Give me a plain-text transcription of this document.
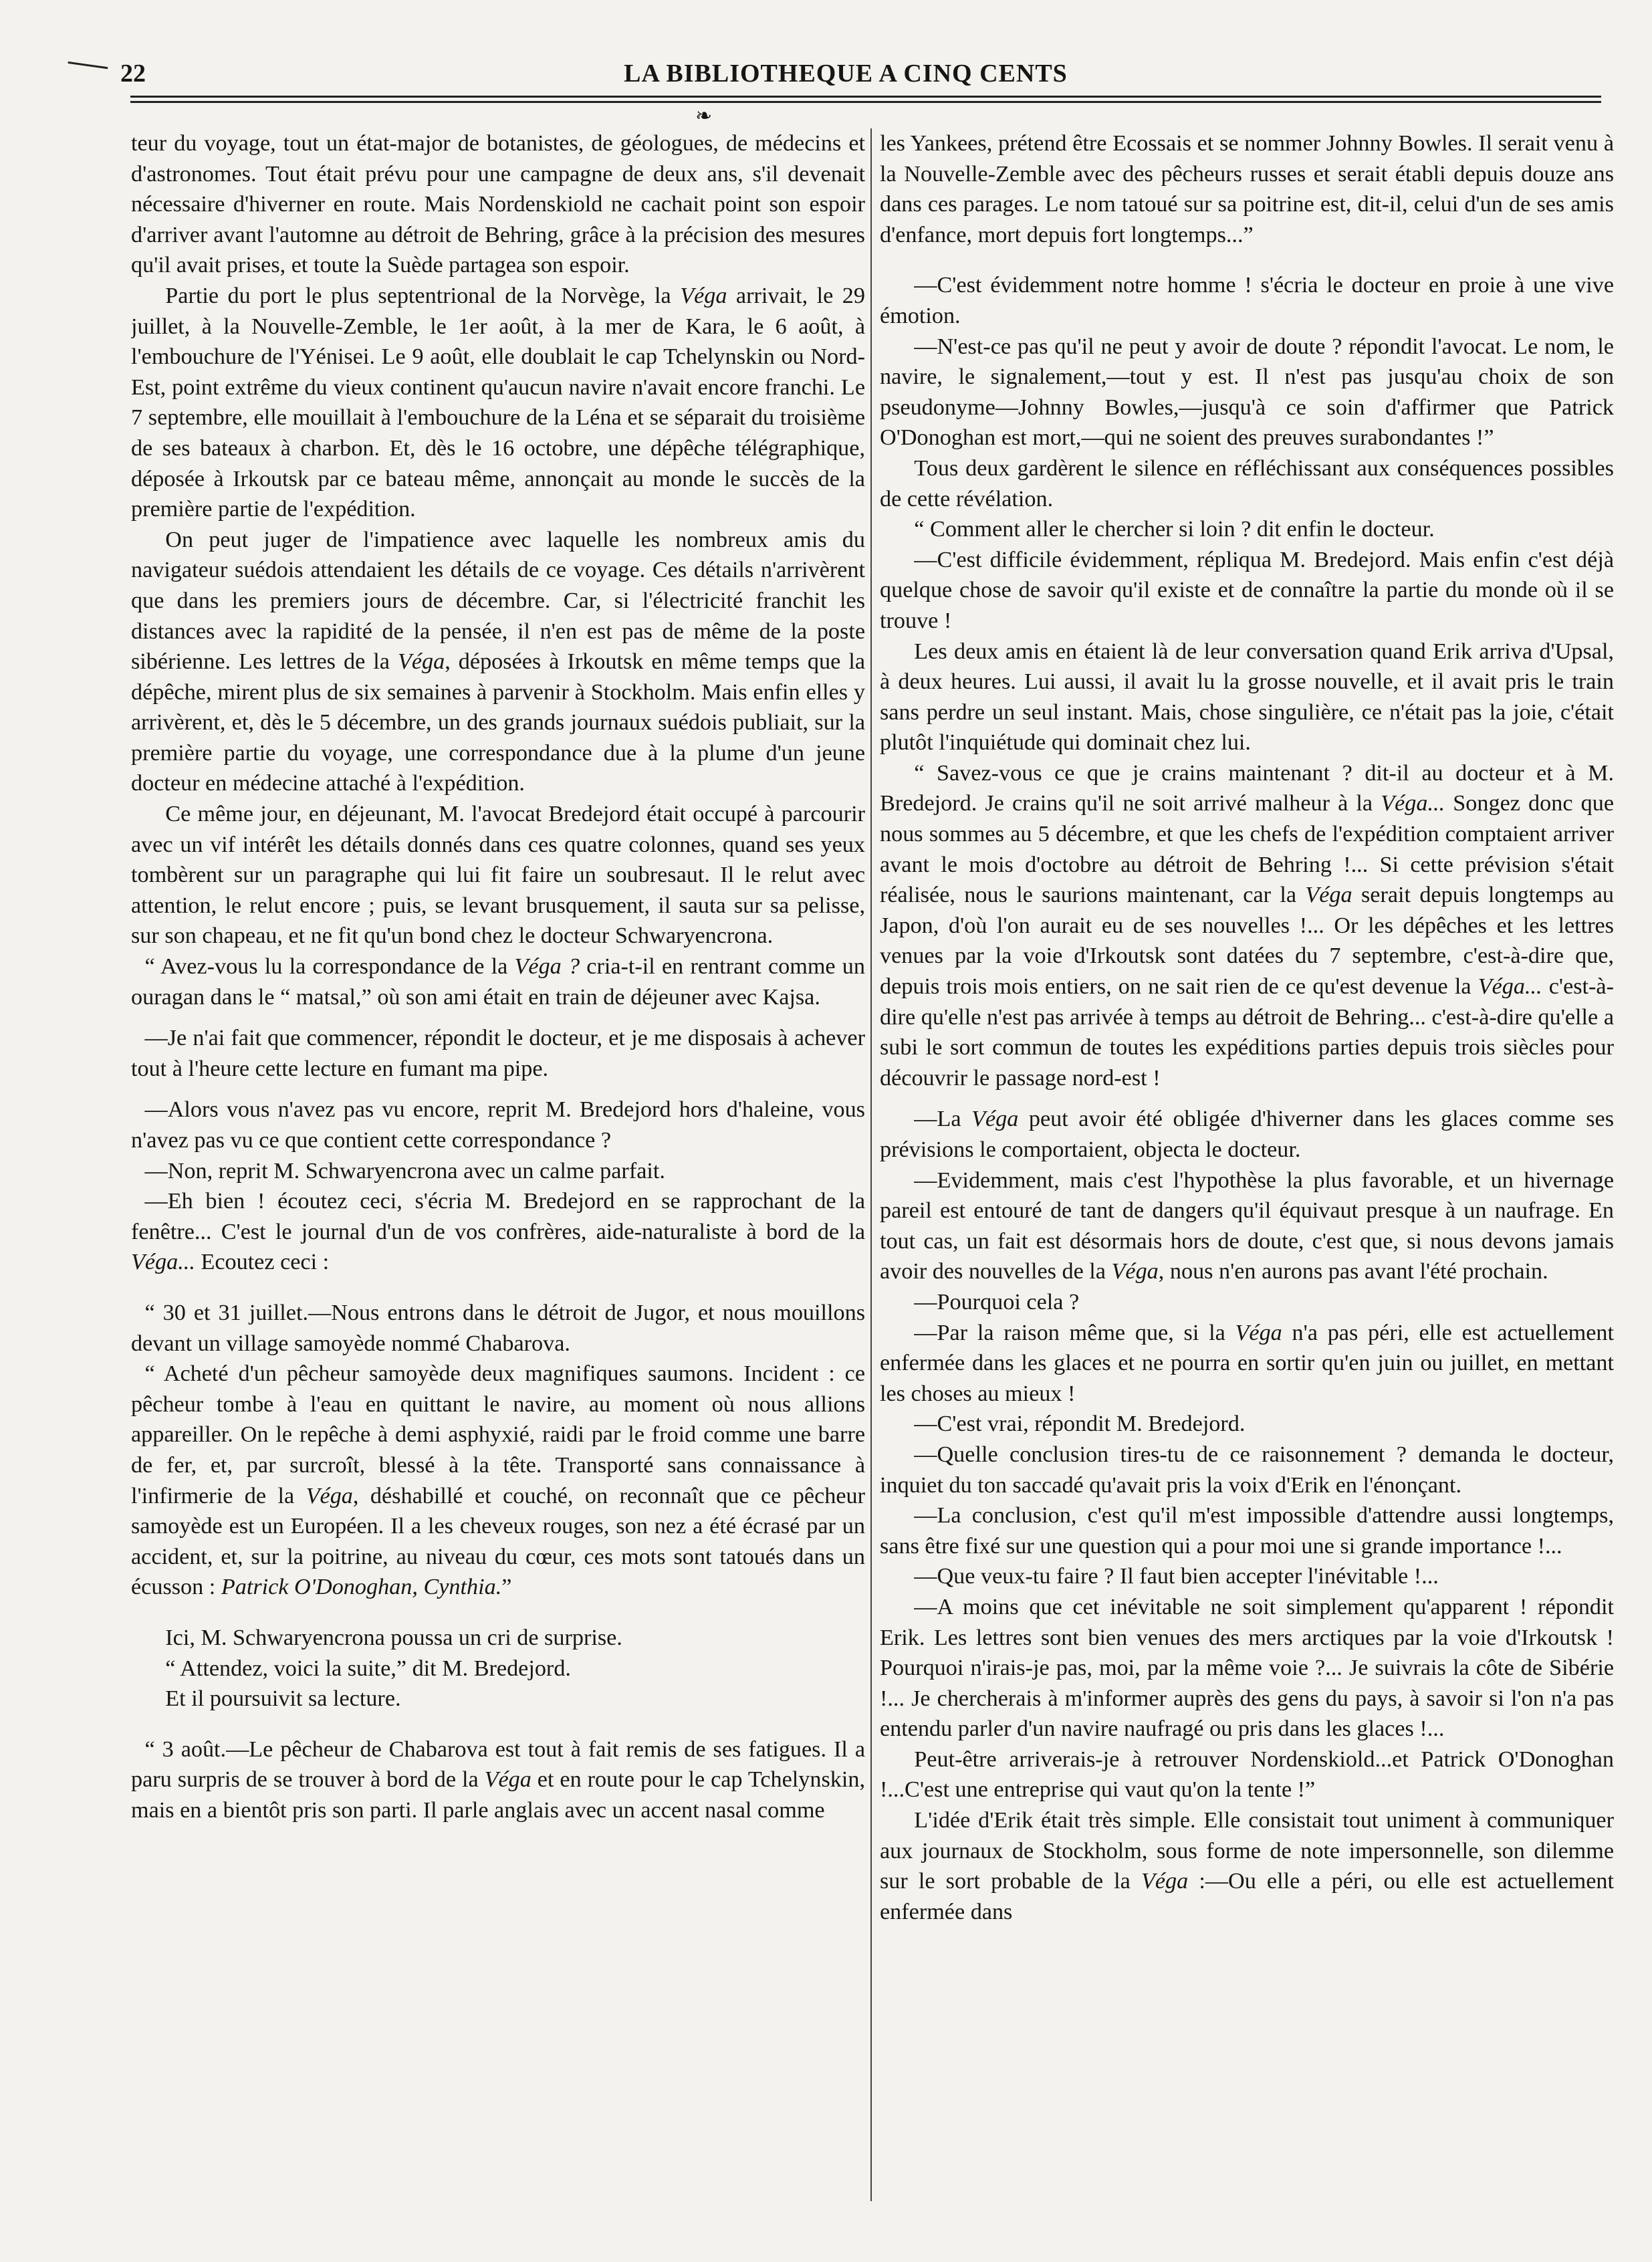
22	LA BIBLIOTHEQUE A CINQ CENTS
❧

teur du voyage, tout un état-major de botanistes, de géologues, de médecins et d'astronomes. Tout était prévu pour une campagne de deux ans, s'il devenait nécessaire d'hiverner en route. Mais Nordenskiold ne cachait point son espoir d'arriver avant l'automne au détroit de Behring, grâce à la précision des mesures qu'il avait prises, et toute la Suède partagea son espoir.

Partie du port le plus septentrional de la Norvège, la Véga arrivait, le 29 juillet, à la Nouvelle-Zemble, le 1er août, à la mer de Kara, le 6 août, à l'embouchure de l'Yénisei. Le 9 août, elle doublait le cap Tchelynskin ou Nord-Est, point extrême du vieux continent qu'aucun navire n'avait encore franchi. Le 7 septembre, elle mouillait à l'embouchure de la Léna et se séparait du troisième de ses bateaux à charbon. Et, dès le 16 octobre, une dépêche télégraphique, déposée à Irkoutsk par ce bateau même, annonçait au monde le succès de la première partie de l'expédition.

On peut juger de l'impatience avec laquelle les nombreux amis du navigateur suédois attendaient les détails de ce voyage. Ces détails n'arrivèrent que dans les premiers jours de décembre. Car, si l'électricité franchit les distances avec la rapidité de la pensée, il n'en est pas de même de la poste sibérienne. Les lettres de la Véga, déposées à Irkoutsk en même temps que la dépêche, mirent plus de six semaines à parvenir à Stockholm. Mais enfin elles y arrivèrent, et, dès le 5 décembre, un des grands journaux suédois publiait, sur la première partie du voyage, une correspondance due à la plume d'un jeune docteur en médecine attaché à l'expédition.

Ce même jour, en déjeunant, M. l'avocat Bredejord était occupé à parcourir avec un vif intérêt les détails donnés dans ces quatre colonnes, quand ses yeux tombèrent sur un paragraphe qui lui fit faire un soubresaut. Il le relut avec attention, le relut encore ; puis, se levant brusquement, il sauta sur sa pelisse, sur son chapeau, et ne fit qu'un bond chez le docteur Schwaryencrona.

“ Avez-vous lu la correspondance de la Véga ? cria-t-il en rentrant comme un ouragan dans le “ matsal,” où son ami était en train de déjeuner avec Kajsa.

—Je n'ai fait que commencer, répondit le docteur, et je me disposais à achever tout à l'heure cette lecture en fumant ma pipe.

—Alors vous n'avez pas vu encore, reprit M. Bredejord hors d'haleine, vous n'avez pas vu ce que contient cette correspondance ?

—Non, reprit M. Schwaryencrona avec un calme parfait.

—Eh bien ! écoutez ceci, s'écria M. Bredejord en se rapprochant de la fenêtre... C'est le journal d'un de vos confrères, aide-naturaliste à bord de la Véga... Ecoutez ceci :

“ 30 et 31 juillet.—Nous entrons dans le détroit de Jugor, et nous mouillons devant un village samoyède nommé Chabarova.

“ Acheté d'un pêcheur samoyède deux magnifiques saumons. Incident : ce pêcheur tombe à l'eau en quittant le navire, au moment où nous allions appareiller. On le repêche à demi asphyxié, raidi par le froid comme une barre de fer, et, par surcroît, blessé à la tête. Transporté sans connaissance à l'infirmerie de la Véga, déshabillé et couché, on reconnaît que ce pêcheur samoyède est un Européen. Il a les cheveux rouges, son nez a été écrasé par un accident, et, sur la poitrine, au niveau du cœur, ces mots sont tatoués dans un écusson : Patrick O'Donoghan, Cynthia.”

Ici, M. Schwaryencrona poussa un cri de surprise.

“ Attendez, voici la suite,” dit M. Bredejord.

Et il poursuivit sa lecture.

“ 3 août.—Le pêcheur de Chabarova est tout à fait remis de ses fatigues. Il a paru surpris de se trouver à bord de la Véga et en route pour le cap Tchelynskin, mais en a bientôt pris son parti. Il parle anglais avec un accent nasal comme

les Yankees, prétend être Ecossais et se nommer Johnny Bowles. Il serait venu à la Nouvelle-Zemble avec des pêcheurs russes et serait établi depuis douze ans dans ces parages. Le nom tatoué sur sa poitrine est, dit-il, celui d'un de ses amis d'enfance, mort depuis fort longtemps...”

—C'est évidemment notre homme ! s'écria le docteur en proie à une vive émotion.

—N'est-ce pas qu'il ne peut y avoir de doute ? répondit l'avocat. Le nom, le navire, le signalement,—tout y est. Il n'est pas jusqu'au choix de son pseudonyme—Johnny Bowles,—jusqu'à ce soin d'affirmer que Patrick O'Donoghan est mort,—qui ne soient des preuves surabondantes !”

Tous deux gardèrent le silence en réfléchissant aux conséquences possibles de cette révélation.

“ Comment aller le chercher si loin ? dit enfin le docteur.

—C'est difficile évidemment, répliqua M. Bredejord. Mais enfin c'est déjà quelque chose de savoir qu'il existe et de connaître la partie du monde où il se trouve !

Les deux amis en étaient là de leur conversation quand Erik arriva d'Upsal, à deux heures. Lui aussi, il avait lu la grosse nouvelle, et il avait pris le train sans perdre un seul instant. Mais, chose singulière, ce n'était pas la joie, c'était plutôt l'inquiétude qui dominait chez lui.

“ Savez-vous ce que je crains maintenant ? dit-il au docteur et à M. Bredejord. Je crains qu'il ne soit arrivé malheur à la Véga... Songez donc que nous sommes au 5 décembre, et que les chefs de l'expédition comptaient arriver avant le mois d'octobre au détroit de Behring !... Si cette prévision s'était réalisée, nous le saurions maintenant, car la Véga serait depuis longtemps au Japon, d'où l'on aurait eu de ses nouvelles !... Or les dépêches et les lettres venues par la voie d'Irkoutsk sont datées du 7 septembre, c'est-à-dire que, depuis trois mois entiers, on ne sait rien de ce qu'est devenue la Véga... c'est-à-dire qu'elle n'est pas arrivée à temps au détroit de Behring... c'est-à-dire qu'elle a subi le sort commun de toutes les expéditions parties depuis trois siècles pour découvrir le passage nord-est !

—La Véga peut avoir été obligée d'hiverner dans les glaces comme ses prévisions le comportaient, objecta le docteur.

—Evidemment, mais c'est l'hypothèse la plus favorable, et un hivernage pareil est entouré de tant de dangers qu'il équivaut presque à un naufrage. En tout cas, un fait est désormais hors de doute, c'est que, si nous devons jamais avoir des nouvelles de la Véga, nous n'en aurons pas avant l'été prochain.

—Pourquoi cela ?

—Par la raison même que, si la Véga n'a pas péri, elle est actuellement enfermée dans les glaces et ne pourra en sortir qu'en juin ou juillet, en mettant les choses au mieux !

—C'est vrai, répondit M. Bredejord.

—Quelle conclusion tires-tu de ce raisonnement ? demanda le docteur, inquiet du ton saccadé qu'avait pris la voix d'Erik en l'énonçant.

—La conclusion, c'est qu'il m'est impossible d'attendre aussi longtemps, sans être fixé sur une question qui a pour moi une si grande importance !...

—Que veux-tu faire ? Il faut bien accepter l'inévitable !...

—A moins que cet inévitable ne soit simplement qu'apparent ! répondit Erik. Les lettres sont bien venues des mers arctiques par la voie d'Irkoutsk ! Pourquoi n'irais-je pas, moi, par la même voie ?... Je suivrais la côte de Sibérie !... Je chercherais à m'informer auprès des gens du pays, à savoir si l'on n'a pas entendu parler d'un navire naufragé ou pris dans les glaces !...

Peut-être arriverais-je à retrouver Nordenskiold...et Patrick O'Donoghan !...C'est une entreprise qui vaut qu'on la tente !”

L'idée d'Erik était très simple. Elle consistait tout uniment à communiquer aux journaux de Stockholm, sous forme de note impersonnelle, son dilemme sur le sort probable de la Véga :—Ou elle a péri, ou elle est actuellement enfermée dans
